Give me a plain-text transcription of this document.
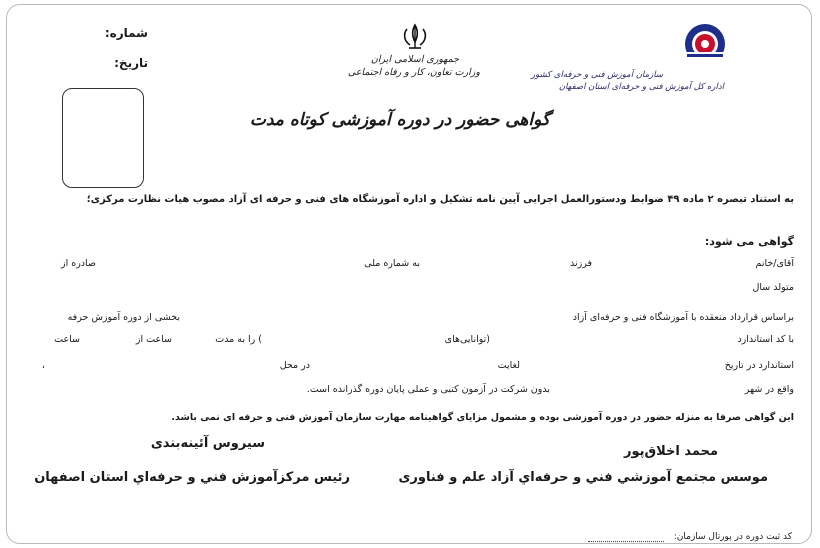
شماره:
تاریخ:	جمهوری اسلامی ایران
وزارت تعاون، کار و رفاه اجتماعی
گواهی حضور در دوره آموزشی کوتاه مدت
سازمان آموزش فنی و حرفه‌ای کشور
اداره کل آموزش فنی و حرفه‌ای استان اصفهان
به استناد تبصره ۲ ماده ۴۹ ضوابط ودستورالعمل اجرایی آیین نامه تشکیل و اداره آموزشگاه های فنی و حرفه ای آزاد مصوب هیات نظارت مرکزی؛
گواهی می شود:
آقای/خانم
فرزند
به شماره ملی
صادره از
متولد سال
براساس قرارداد منعقده با آموزشگاه فنی و حرفه‌ای آزاد
بخشی از دوره آموزش حرفه
با کد استاندارد
(توانایی‌های
) را به مدت
ساعت از
ساعت
استاندارد در تاریخ
لغایت
در محل
،
واقع در شهر
بدون شرکت در آزمون کتبی و عملی پایان دوره گذرانده است.
این گواهی صرفا به منزله حضور در دوره آموزشی بوده و مشمول مزایای گواهینامه مهارت سازمان آموزش فنی و حرفه ای نمی باشد.
محمد اخلاق‌پور
موسس مجتمع آموزشي فني و حرفه‌اي آزاد علم و فناوری
سیروس آئینه‌بندی
رئیس مرکزآموزش فني و حرفه‌اي استان اصفهان
کد ثبت دوره در پورتال سازمان:
